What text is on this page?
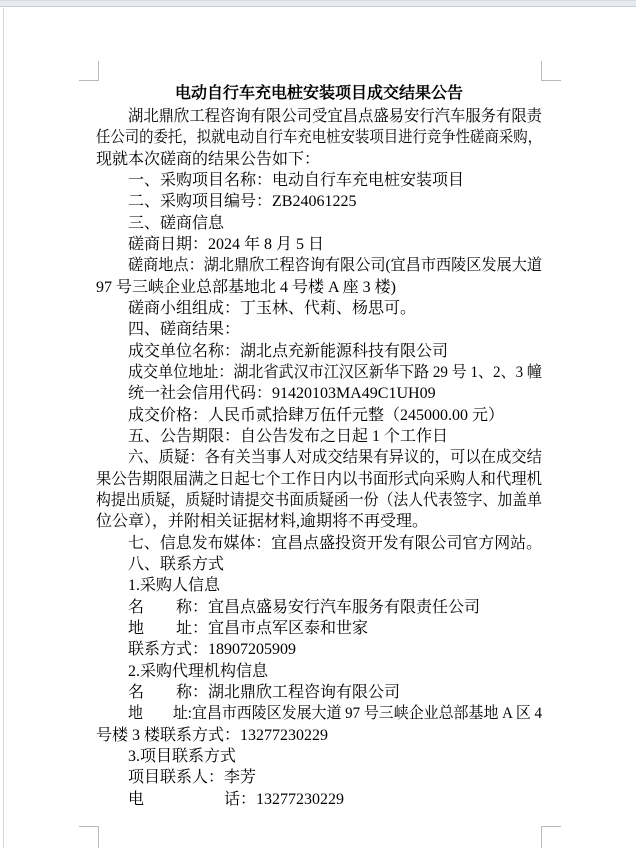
电动自行车充电桩安装项目成交结果公告
湖北鼎欣工程咨询有限公司受宜昌点盛易安行汽车服务有限责
任公司的委托，拟就电动自行车充电桩安装项目进行竞争性磋商采购，
现就本次磋商的结果公告如下：
一、采购项目名称：电动自行车充电桩安装项目
二、采购项目编号：ZB24061225
三、磋商信息
磋商日期：2024 年 8 月 5 日
磋商地点：湖北鼎欣工程咨询有限公司(宜昌市西陵区发展大道
97 号三峡企业总部基地北 4 号楼 A 座 3 楼)
磋商小组组成：丁玉林、代莉、杨思可。
四、磋商结果：
成交单位名称：湖北点充新能源科技有限公司
成交单位地址：湖北省武汉市江汉区新华下路 29 号 1、2、3 幢
统一社会信用代码：91420103MA49C1UH09
成交价格：人民币贰拾肆万伍仟元整（245000.00 元）
五、公告期限：自公告发布之日起 1 个工作日
六、质疑：各有关当事人对成交结果有异议的，可以在成交结
果公告期限届满之日起七个工作日内以书面形式向采购人和代理机
构提出质疑，质疑时请提交书面质疑函一份（法人代表签字、加盖单
位公章），并附相关证据材料,逾期将不再受理。
七、信息发布媒体：宜昌点盛投资开发有限公司官方网站。
八、联系方式
1.采购人信息
名　　称：宜昌点盛易安行汽车服务有限责任公司
地　　址：宜昌市点军区泰和世家
联系方式：18907205909
2.采购代理机构信息
名　　称：湖北鼎欣工程咨询有限公司
地　　址:宜昌市西陵区发展大道 97 号三峡企业总部基地 A 区 4
号楼 3 楼联系方式：13277230229
3.项目联系方式
项目联系人：李芳
电　　　　　话：13277230229
